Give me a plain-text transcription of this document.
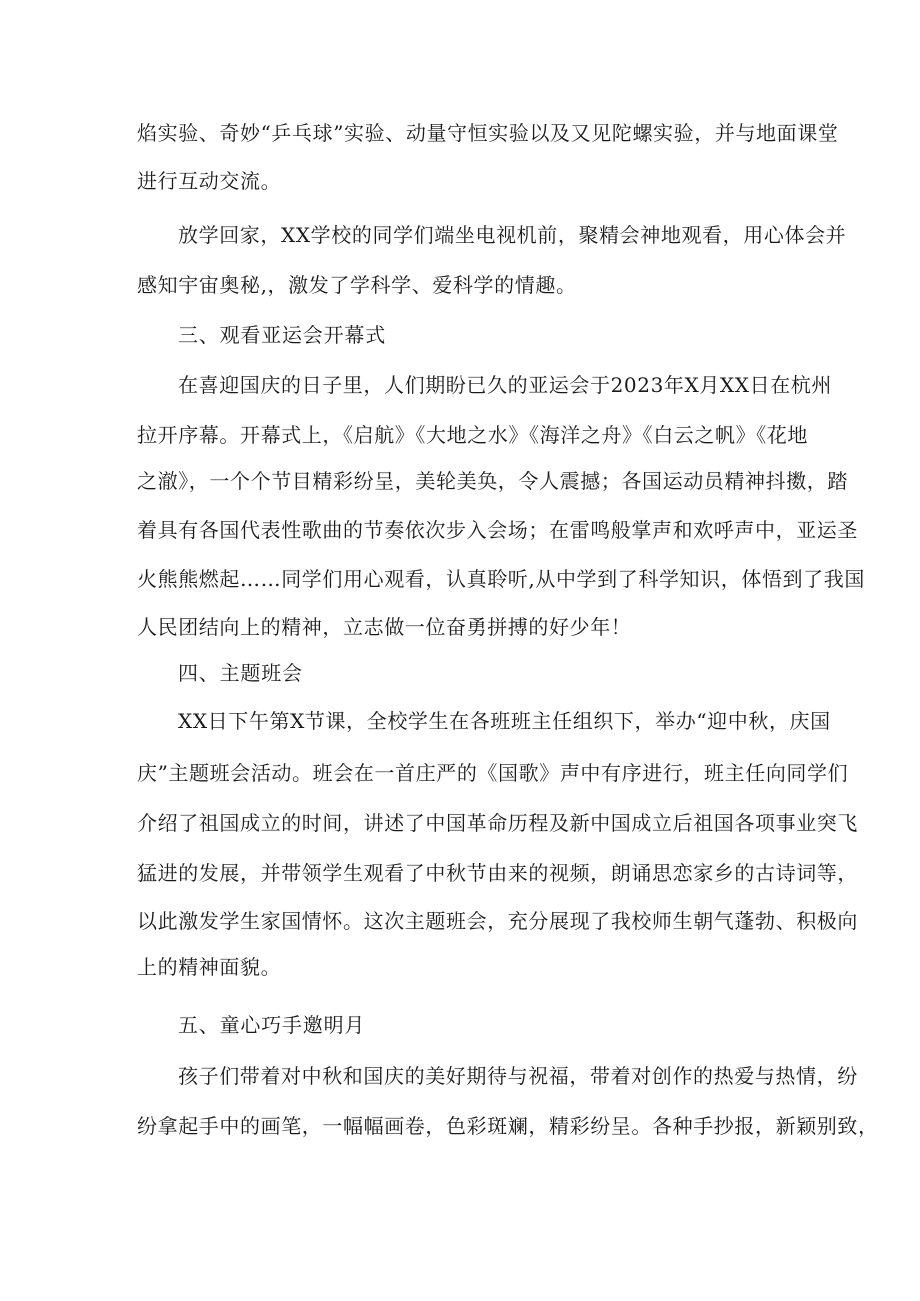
焰实验、奇妙“乒乓球”实验、动量守恒实验以及又见陀螺实验，并与地面课堂
进行互动交流。
放学回家，XX学校的同学们端坐电视机前，聚精会神地观看，用心体会并
感知宇宙奥秘,，激发了学科学、爱科学的情趣。
三、观看亚运会开幕式
在喜迎国庆的日子里，人们期盼已久的亚运会于2023年X月XX日在杭州
拉开序幕。开幕式上，《启航》《大地之水》《海洋之舟》《白云之帆》《花地
之澈》，一个个节目精彩纷呈，美轮美奂，令人震撼；各国运动员精神抖擞，踏
着具有各国代表性歌曲的节奏依次步入会场；在雷鸣般掌声和欢呼声中，亚运圣
火熊熊燃起……同学们用心观看，认真聆听,从中学到了科学知识，体悟到了我国
人民团结向上的精神，立志做一位奋勇拼搏的好少年！
四、主题班会
XX日下午第X节课，全校学生在各班班主任组织下，举办“迎中秋，庆国
庆”主题班会活动。班会在一首庄严的《国歌》声中有序进行，班主任向同学们
介绍了祖国成立的时间，讲述了中国革命历程及新中国成立后祖国各项事业突飞
猛进的发展，并带领学生观看了中秋节由来的视频，朗诵思恋家乡的古诗词等，
以此激发学生家国情怀。这次主题班会，充分展现了我校师生朝气蓬勃、积极向
上的精神面貌。
五、童心巧手邀明月
孩子们带着对中秋和国庆的美好期待与祝福，带着对创作的热爱与热情，纷
纷拿起手中的画笔，一幅幅画卷，色彩斑斓，精彩纷呈。各种手抄报，新颖别致，
